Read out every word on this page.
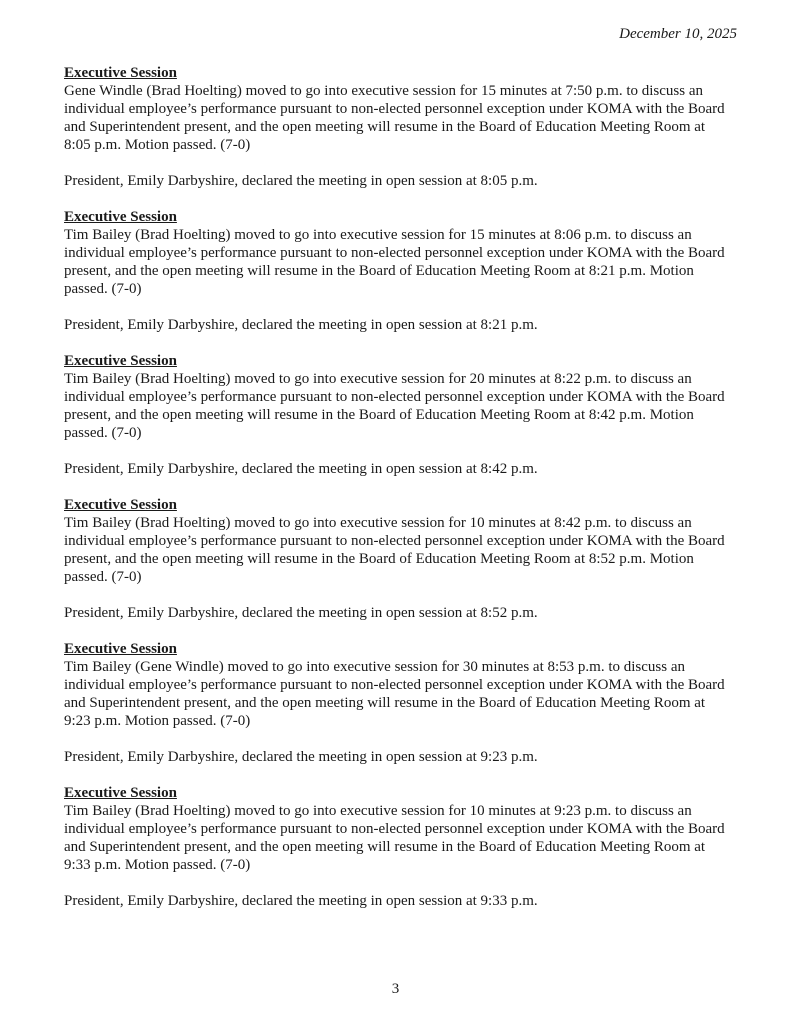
December 10, 2025
Executive Session
Gene Windle (Brad Hoelting) moved to go into executive session for 15 minutes at 7:50 p.m. to discuss an individual employee’s performance pursuant to non-elected personnel exception under KOMA with the Board and Superintendent present, and the open meeting will resume in the Board of Education Meeting Room at 8:05 p.m. Motion passed. (7-0)
President, Emily Darbyshire, declared the meeting in open session at 8:05 p.m.
Executive Session
Tim Bailey (Brad Hoelting) moved to go into executive session for 15 minutes at 8:06 p.m. to discuss an individual employee’s performance pursuant to non-elected personnel exception under KOMA with the Board present, and the open meeting will resume in the Board of Education Meeting Room at 8:21 p.m. Motion passed. (7-0)
President, Emily Darbyshire, declared the meeting in open session at 8:21 p.m.
Executive Session
Tim Bailey (Brad Hoelting) moved to go into executive session for 20 minutes at 8:22 p.m. to discuss an individual employee’s performance pursuant to non-elected personnel exception under KOMA with the Board present, and the open meeting will resume in the Board of Education Meeting Room at 8:42 p.m. Motion passed. (7-0)
President, Emily Darbyshire, declared the meeting in open session at 8:42 p.m.
Executive Session
Tim Bailey (Brad Hoelting) moved to go into executive session for 10 minutes at 8:42 p.m. to discuss an individual employee’s performance pursuant to non-elected personnel exception under KOMA with the Board present, and the open meeting will resume in the Board of Education Meeting Room at 8:52 p.m. Motion passed. (7-0)
President, Emily Darbyshire, declared the meeting in open session at 8:52 p.m.
Executive Session
Tim Bailey (Gene Windle) moved to go into executive session for 30 minutes at 8:53 p.m. to discuss an individual employee’s performance pursuant to non-elected personnel exception under KOMA with the Board and Superintendent present, and the open meeting will resume in the Board of Education Meeting Room at 9:23 p.m. Motion passed. (7-0)
President, Emily Darbyshire, declared the meeting in open session at 9:23 p.m.
Executive Session
Tim Bailey (Brad Hoelting) moved to go into executive session for 10 minutes at 9:23 p.m. to discuss an individual employee’s performance pursuant to non-elected personnel exception under KOMA with the Board and Superintendent present, and the open meeting will resume in the Board of Education Meeting Room at 9:33 p.m. Motion passed. (7-0)
President, Emily Darbyshire, declared the meeting in open session at 9:33 p.m.
3
